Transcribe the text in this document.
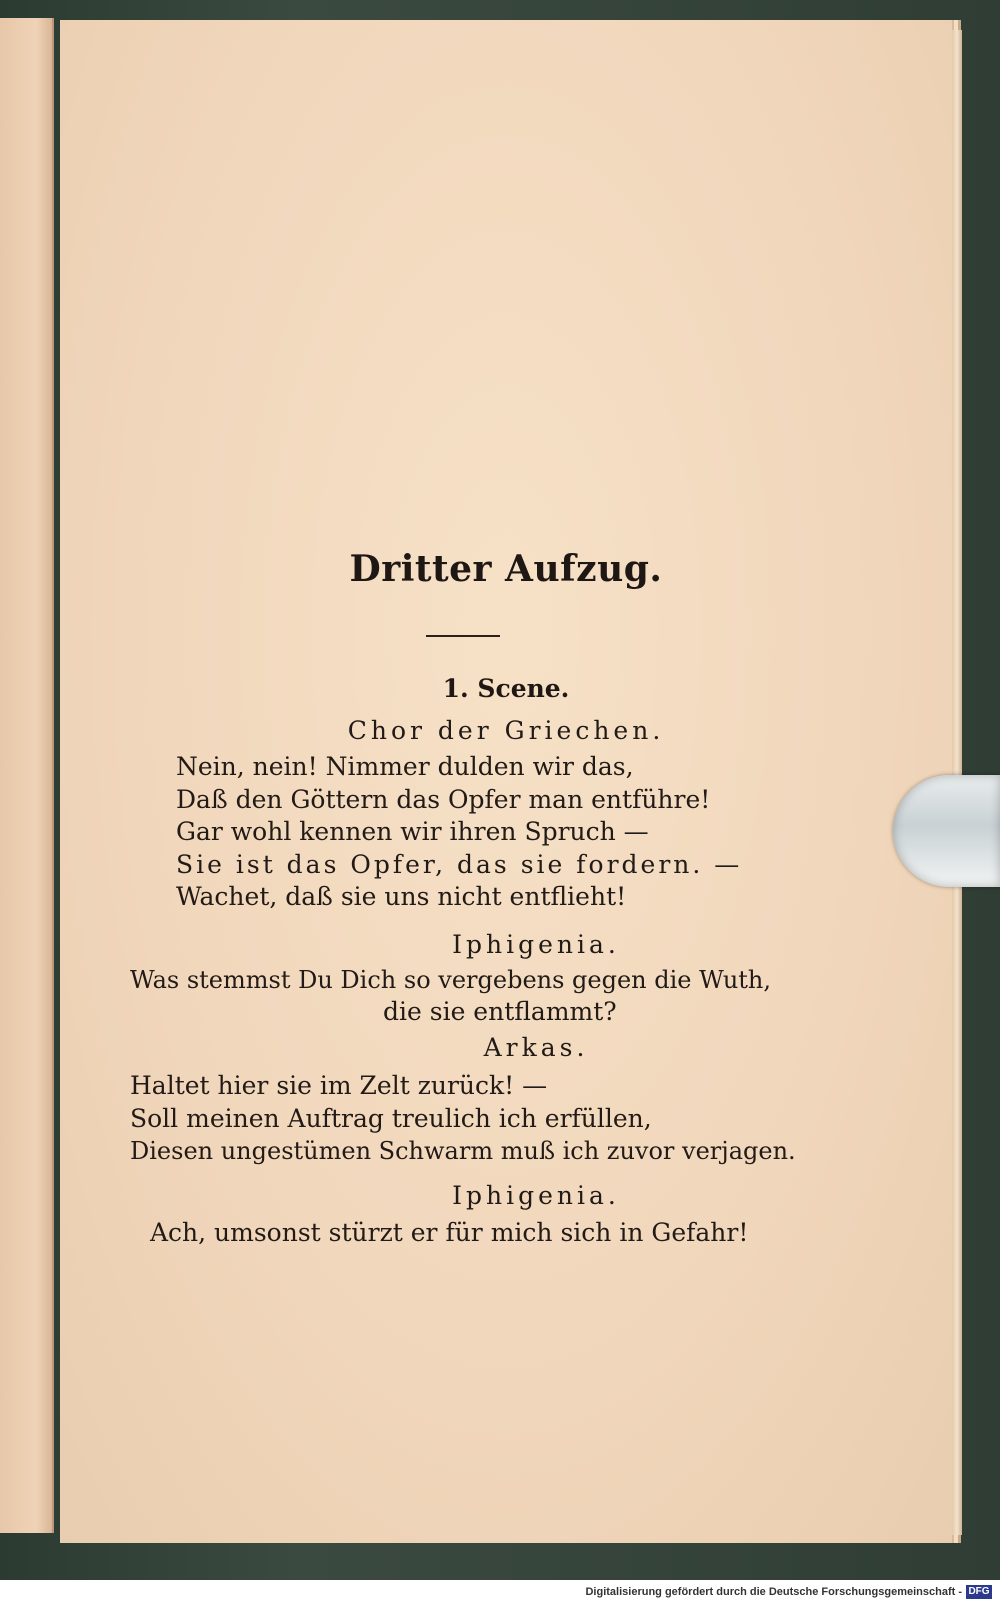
Dritter Aufzug.
1. Scene.
Chor der Griechen.
Nein, nein! Nimmer dulden wir das,
Daß den Göttern das Opfer man entführe!
Gar wohl kennen wir ihren Spruch —
Sie ist das Opfer, das sie fordern. —
Wachet, daß sie uns nicht entflieht!
Iphigenia.
Was stemmst Du Dich so vergebens gegen die Wuth,
die sie entflammt?
Arkas.
Haltet hier sie im Zelt zurück! —
Soll meinen Auftrag treulich ich erfüllen,
Diesen ungestümen Schwarm muß ich zuvor verjagen.
Iphigenia.
Ach, umsonst stürzt er für mich sich in Gefahr!
Digitalisierung gefördert durch die Deutsche Forschungsgemeinschaft - DFG
